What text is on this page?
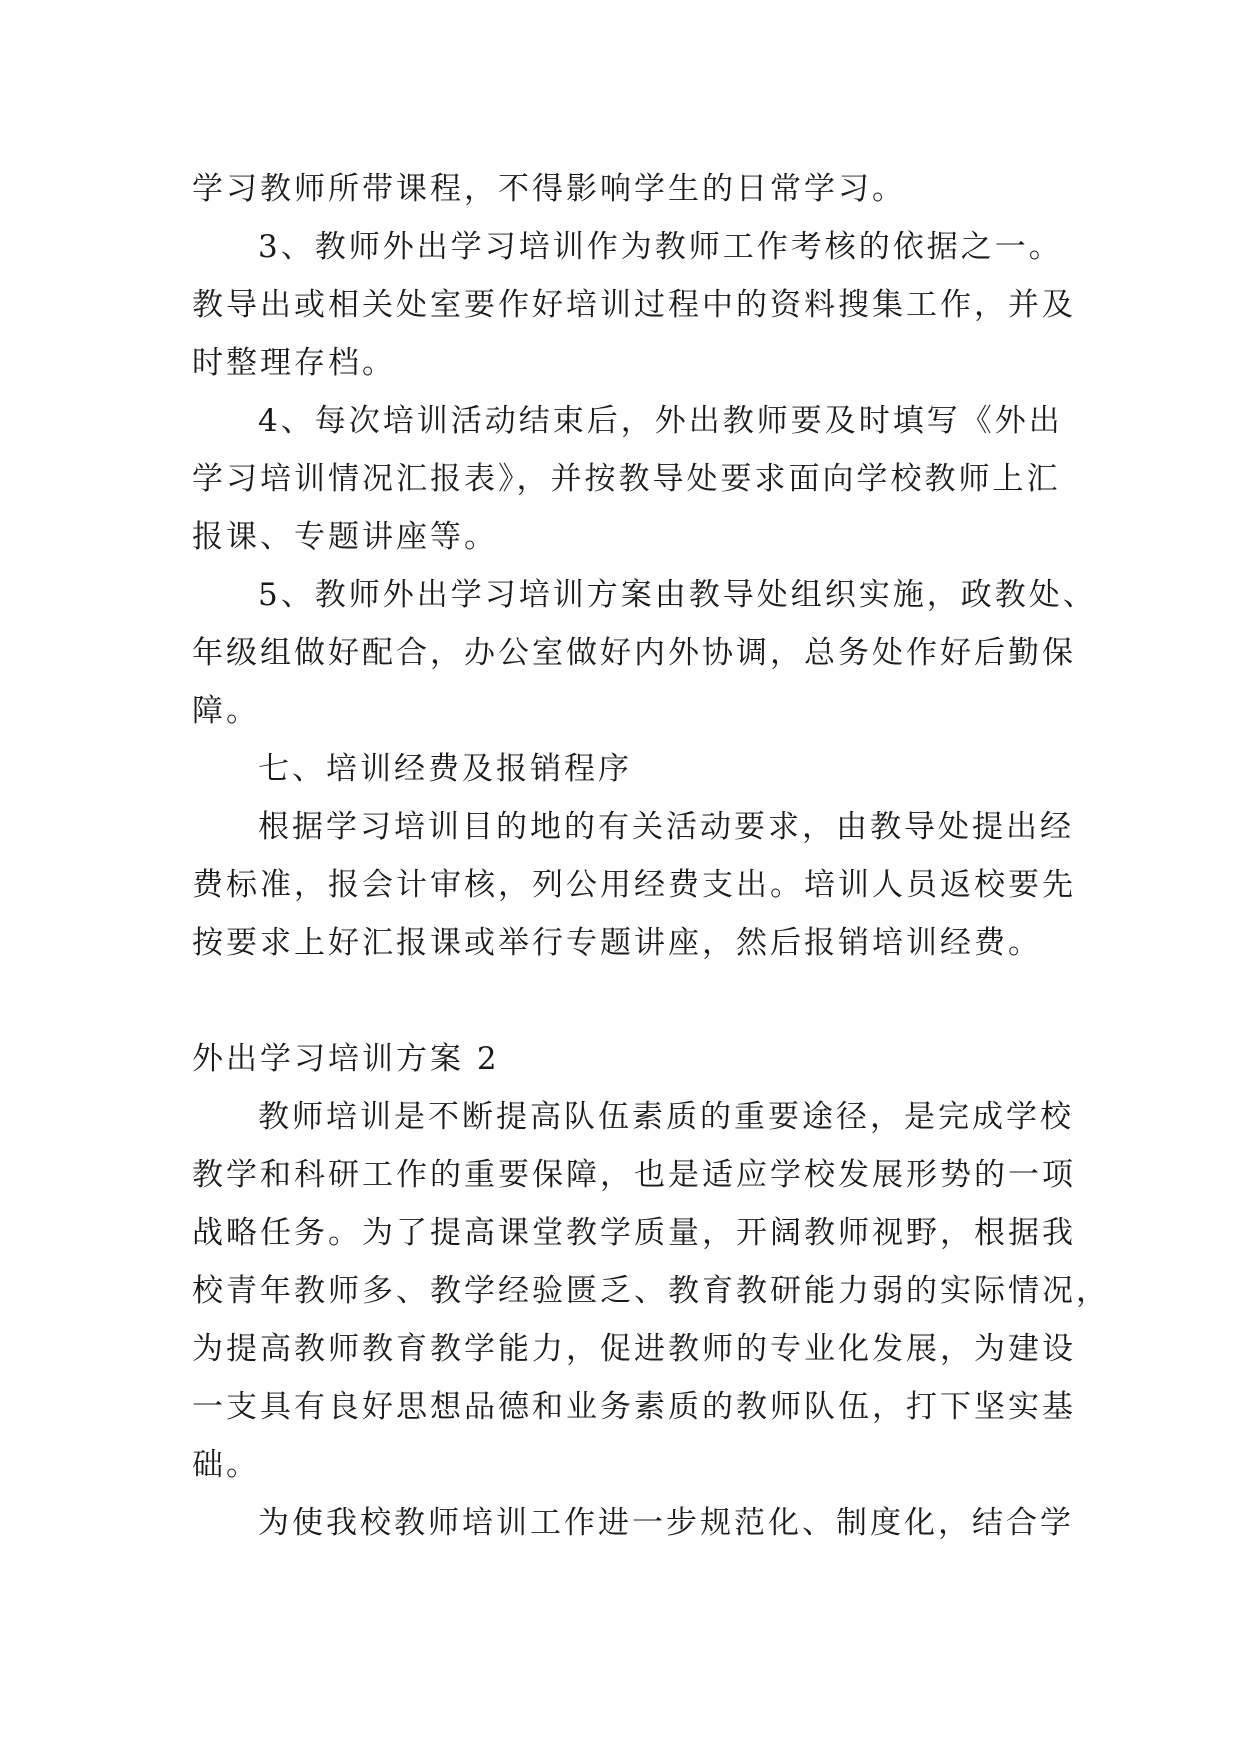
学习教师所带课程，不得影响学生的日常学习。
3、教师外出学习培训作为教师工作考核的依据之一。
教导出或相关处室要作好培训过程中的资料搜集工作，并及
时整理存档。
4、每次培训活动结束后，外出教师要及时填写《外出
学习培训情况汇报表》，并按教导处要求面向学校教师上汇
报课、专题讲座等。
5、教师外出学习培训方案由教导处组织实施，政教处、
年级组做好配合，办公室做好内外协调，总务处作好后勤保
障。
七、培训经费及报销程序
根据学习培训目的地的有关活动要求，由教导处提出经
费标准，报会计审核，列公用经费支出。培训人员返校要先
按要求上好汇报课或举行专题讲座，然后报销培训经费。
外出学习培训方案 2
教师培训是不断提高队伍素质的重要途径，是完成学校
教学和科研工作的重要保障，也是适应学校发展形势的一项
战略任务。为了提高课堂教学质量，开阔教师视野，根据我
校青年教师多、教学经验匮乏、教育教研能力弱的实际情况，
为提高教师教育教学能力，促进教师的专业化发展，为建设
一支具有良好思想品德和业务素质的教师队伍，打下坚实基
础。
为使我校教师培训工作进一步规范化、制度化，结合学
